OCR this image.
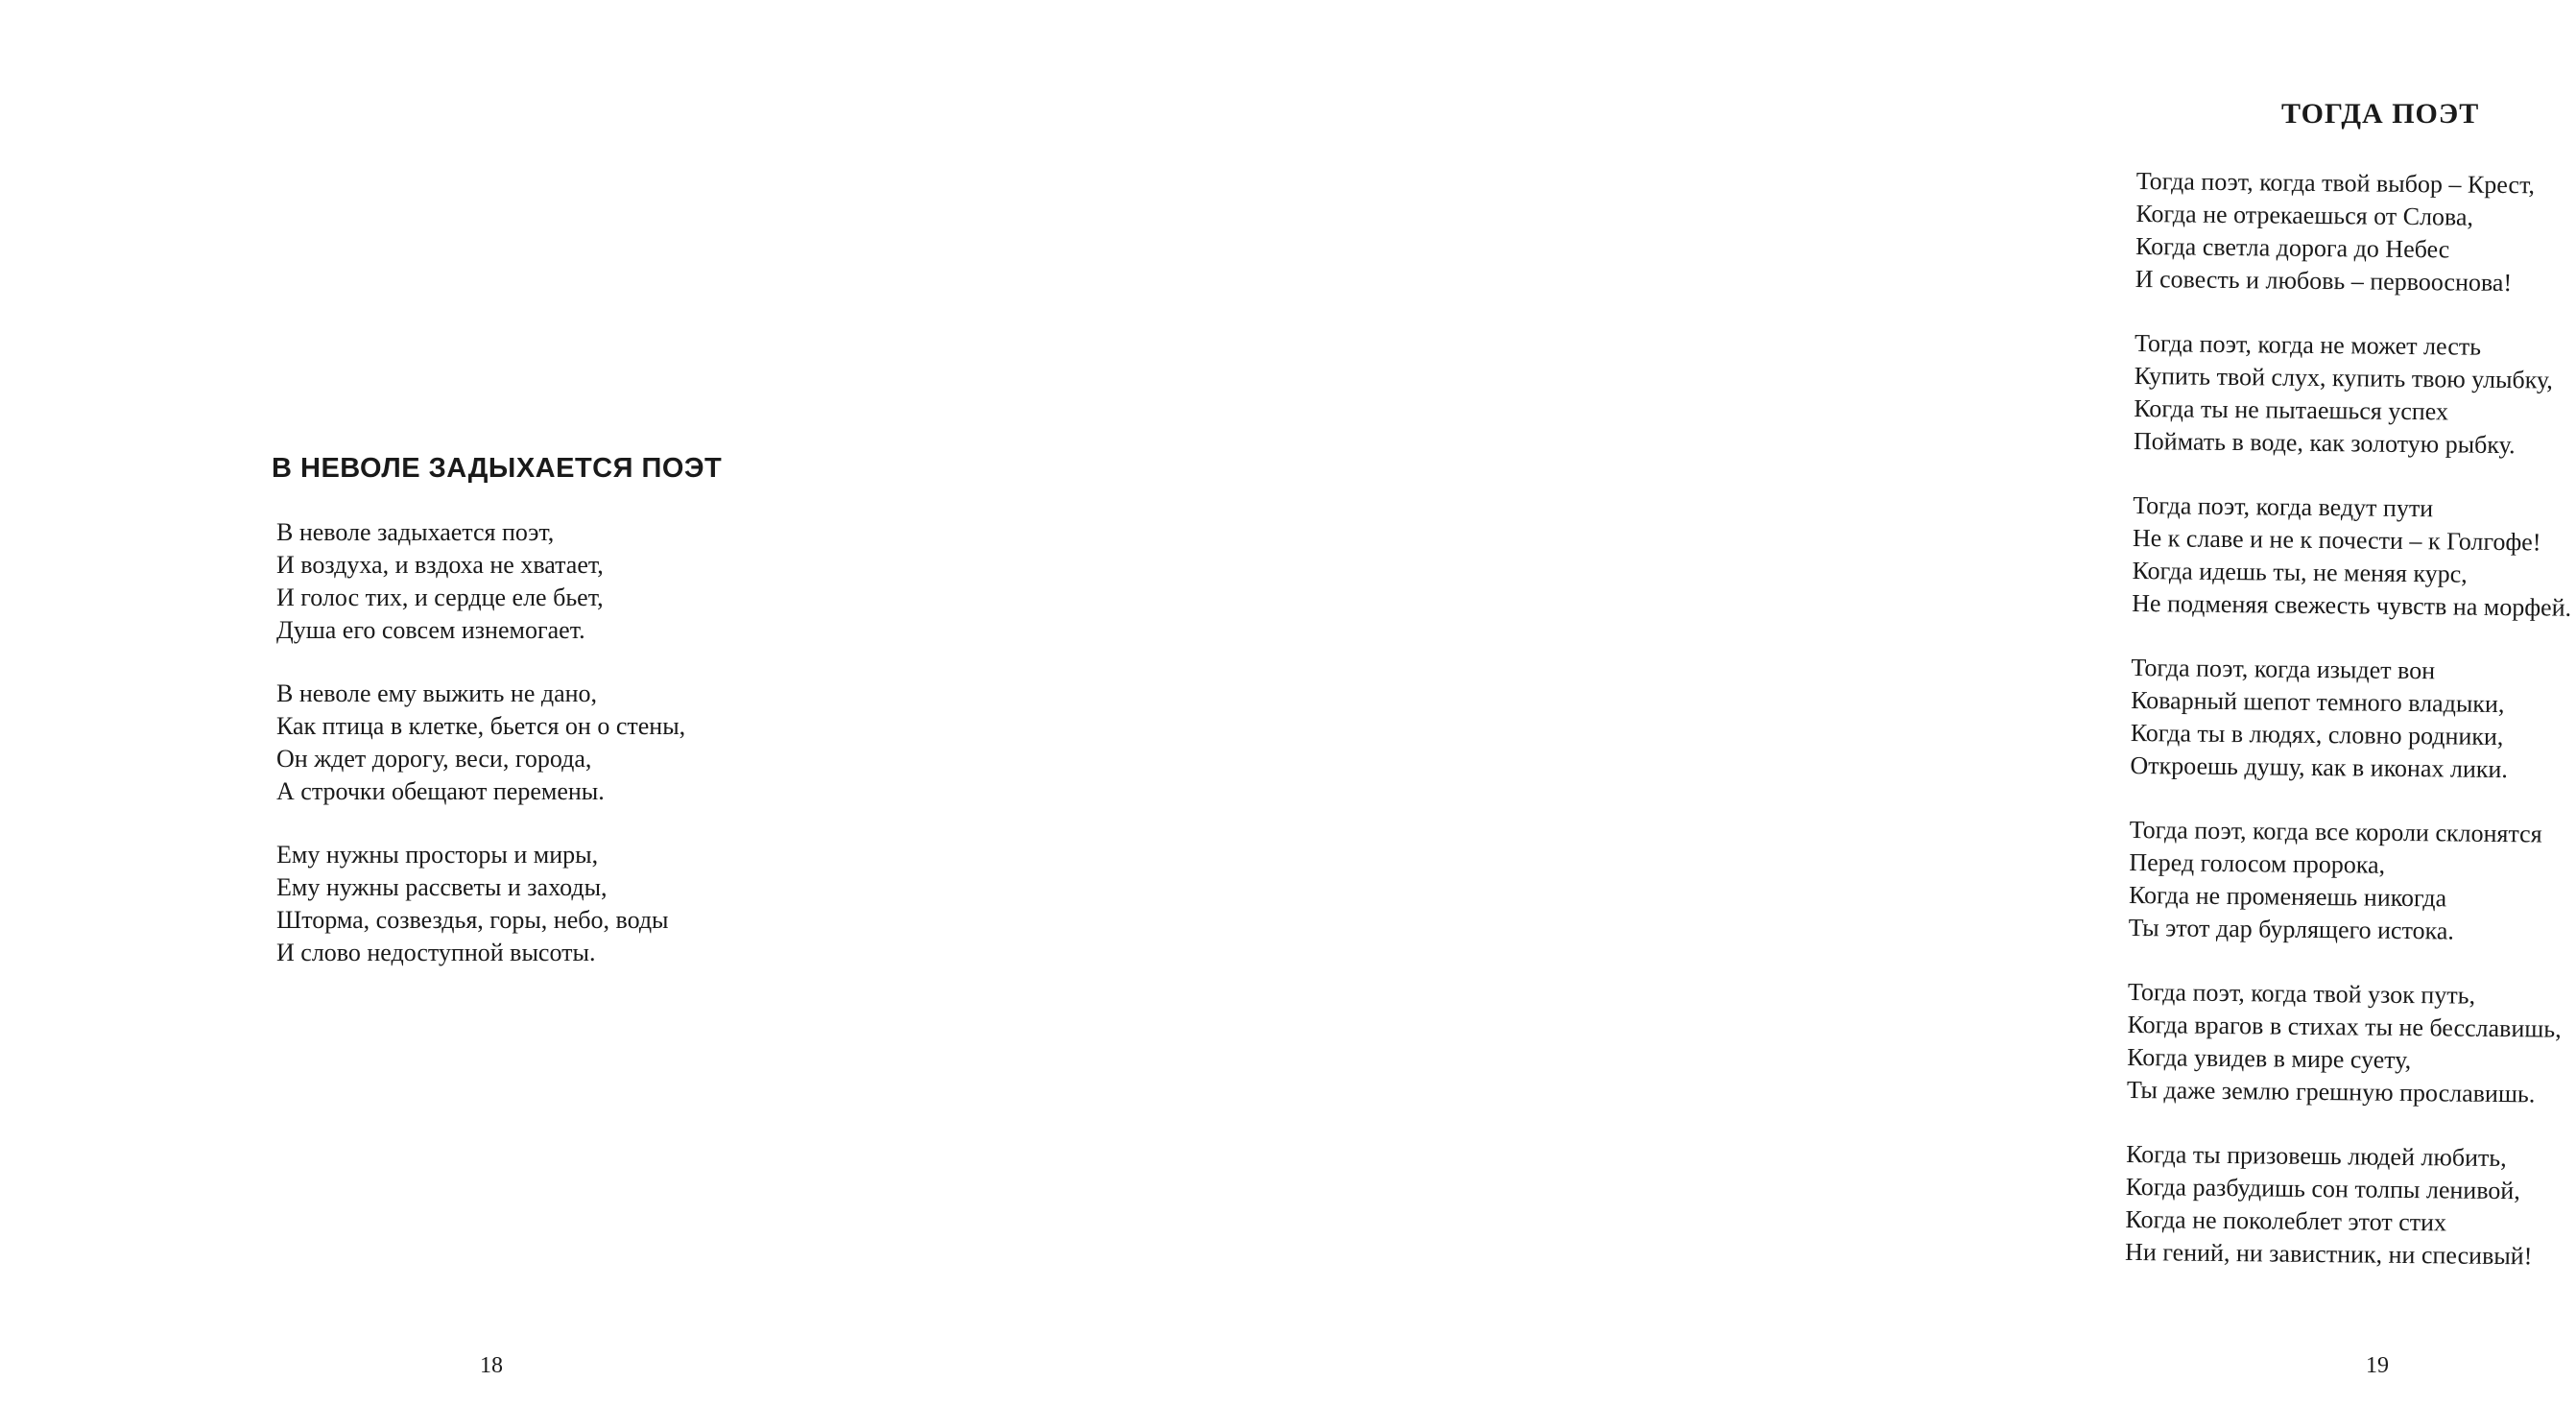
В НЕВОЛЕ ЗАДЫХАЕТСЯ ПОЭТ

В неволе задыхается поэт,
И воздуха, и вздоха не хватает,
И голос тих, и сердце еле бьет,
Душа его совсем изнемогает.

В неволе ему выжить не дано,
Как птица в клетке, бьется он о стены,
Он ждет дорогу, веси, города,
А строчки обещают перемены.

Ему нужны просторы и миры,
Ему нужны рассветы и заходы,
Шторма, созвездья, горы, небо, воды
И слово недоступной высоты.

18
ТОГДА ПОЭТ

Тогда поэт, когда твой выбор – Крест,
Когда не отрекаешься от Слова,
Когда светла дорога до Небес
И совесть и любовь – первооснова!

Тогда поэт, когда не может лесть
Купить твой слух, купить твою улыбку,
Когда ты не пытаешься успех
Поймать в воде, как золотую рыбку.

Тогда поэт, когда ведут пути
Не к славе и не к почести – к Голгофе!
Когда идешь ты, не меняя курс,
Не подменяя свежесть чувств на морфей.

Тогда поэт, когда изыдет вон
Коварный шепот темного владыки,
Когда ты в людях, словно родники,
Откроешь душу, как в иконах лики.

Тогда поэт, когда все короли склонятся
Перед голосом пророка,
Когда не променяешь никогда
Ты этот дар бурлящего истока.

Тогда поэт, когда твой узок путь,
Когда врагов в стихах ты не бесславишь,
Когда увидев в мире суету,
Ты даже землю грешную прославишь.

Когда ты призовешь людей любить,
Когда разбудишь сон толпы ленивой,
Когда не поколеблет этот стих
Ни гений, ни завистник, ни спесивый!

19
